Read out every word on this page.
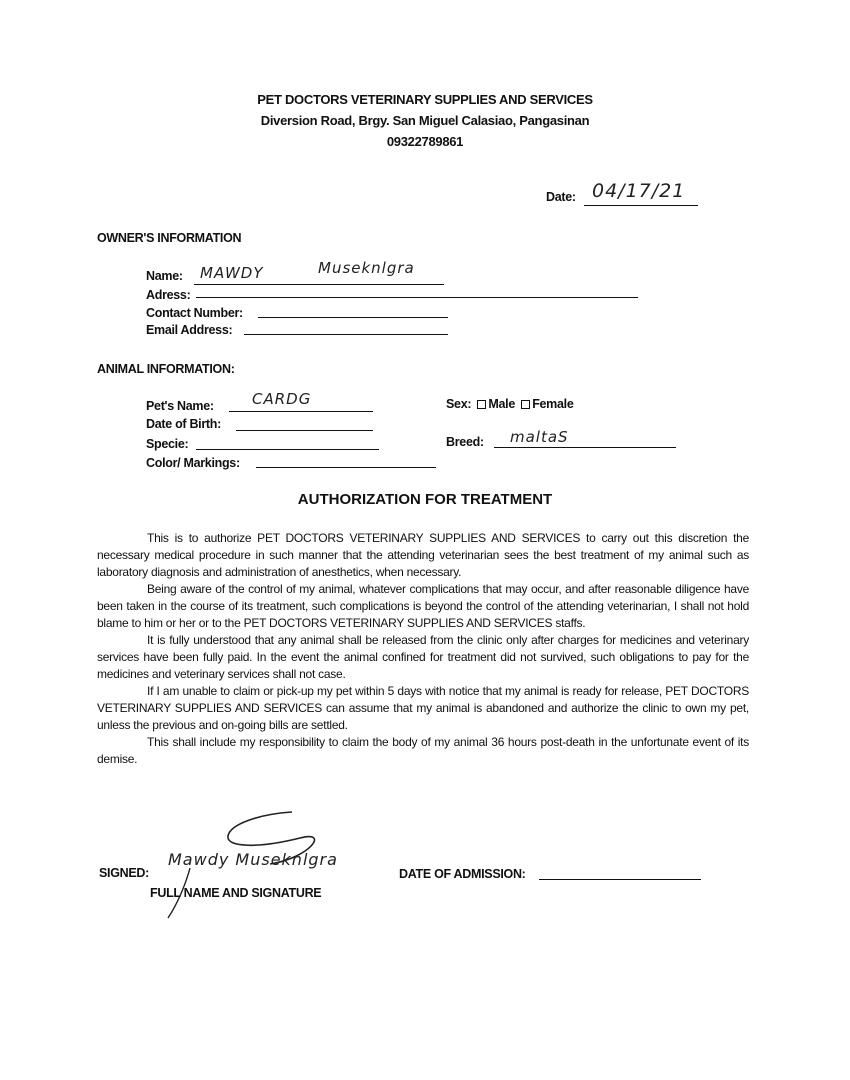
PET DOCTORS VETERINARY SUPPLIES AND SERVICES
Diversion Road, Brgy. San Miguel Calasiao, Pangasinan
09322789861
Date: 04/17/21
OWNER'S INFORMATION
Name: MAWDY	Museknlgra
Adress:
Contact Number:
Email Address:
ANIMAL INFORMATION:
Pet's Name:	CARDG
Date of Birth:
Specie:
Color/ Markings:
Sex: Male Female
Breed: maltaS
AUTHORIZATION FOR TREATMENT

This is to authorize PET DOCTORS VETERINARY SUPPLIES AND SERVICES to carry out this discretion the necessary medical procedure in such manner that the attending veterinarian sees the best treatment of my animal such as laboratory diagnosis and administration of anesthetics, when necessary.

Being aware of the control of my animal, whatever complications that may occur, and after reasonable diligence have been taken in the course of its treatment, such complications is beyond the control of the attending veterinarian, I shall not hold blame to him or her or to the PET DOCTORS VETERINARY SUPPLIES AND SERVICES staffs.

It is fully understood that any animal shall be released from the clinic only after charges for medicines and veterinary services have been fully paid. In the event the animal confined for treatment did not survived, such obligations to pay for the medicines and veterinary services shall not case.

If I am unable to claim or pick-up my pet within 5 days with notice that my animal is ready for release, PET DOCTORS VETERINARY SUPPLIES AND SERVICES can assume that my animal is abandoned and authorize the clinic to own my pet, unless the previous and on-going bills are settled.

This shall include my responsibility to claim the body of my animal 36 hours post-death in the unfortunate event of its demise.

SIGNED:
Mawdy Museknlgra
FULL NAME AND SIGNATURE
DATE OF ADMISSION:
